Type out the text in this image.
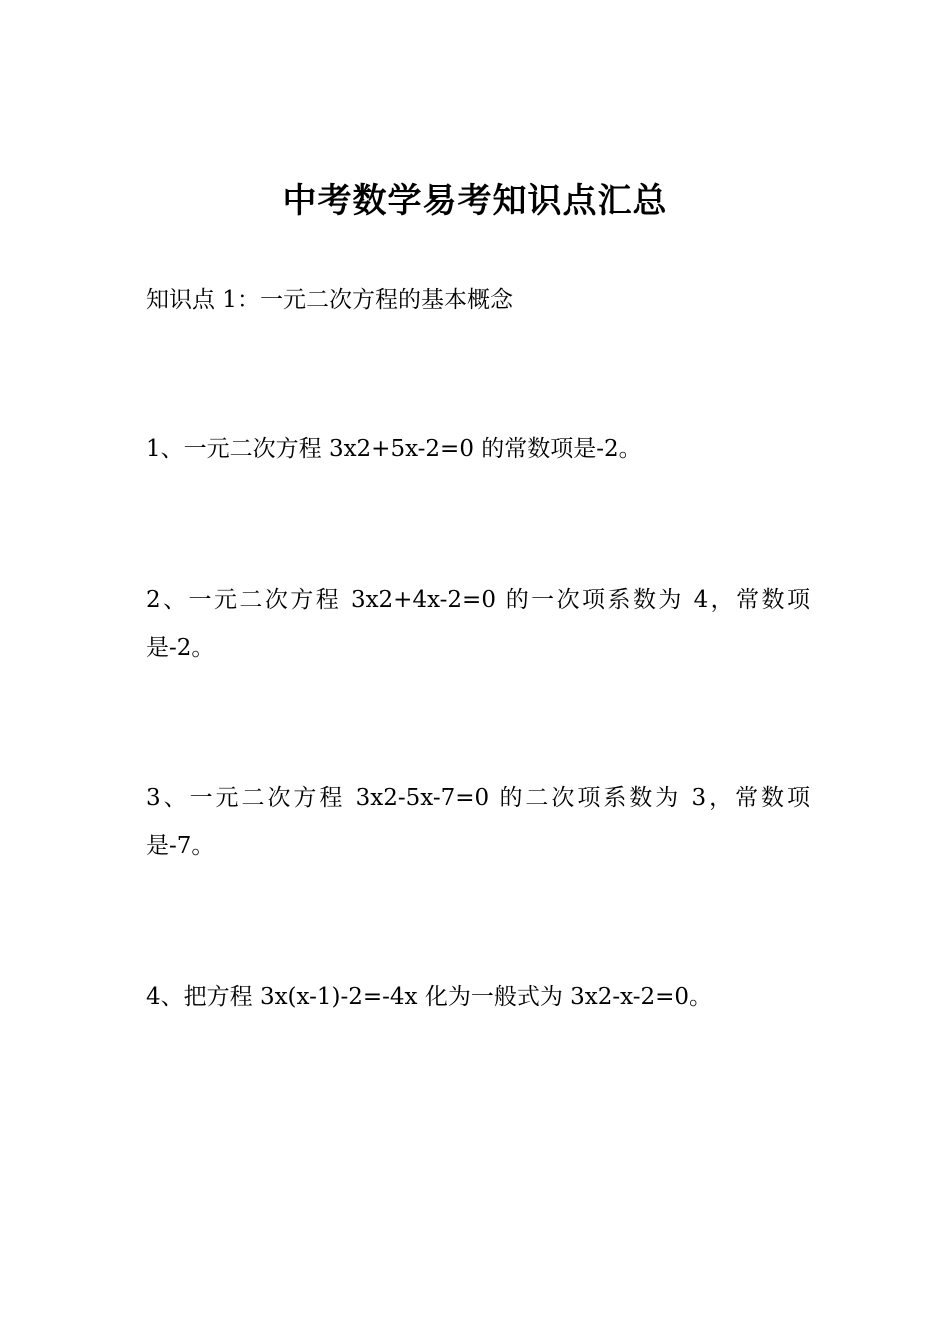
中考数学易考知识点汇总
知识点 1：一元二次方程的基本概念
1、一元二次方程 3x2+5x-2=0 的常数项是-2。
2、一元二次方程 3x2+4x-2=0 的一次项系数为 4，常数项是-2。
3、一元二次方程 3x2-5x-7=0 的二次项系数为 3，常数项是-7。
4、把方程 3x(x-1)-2=-4x 化为一般式为 3x2-x-2=0。
